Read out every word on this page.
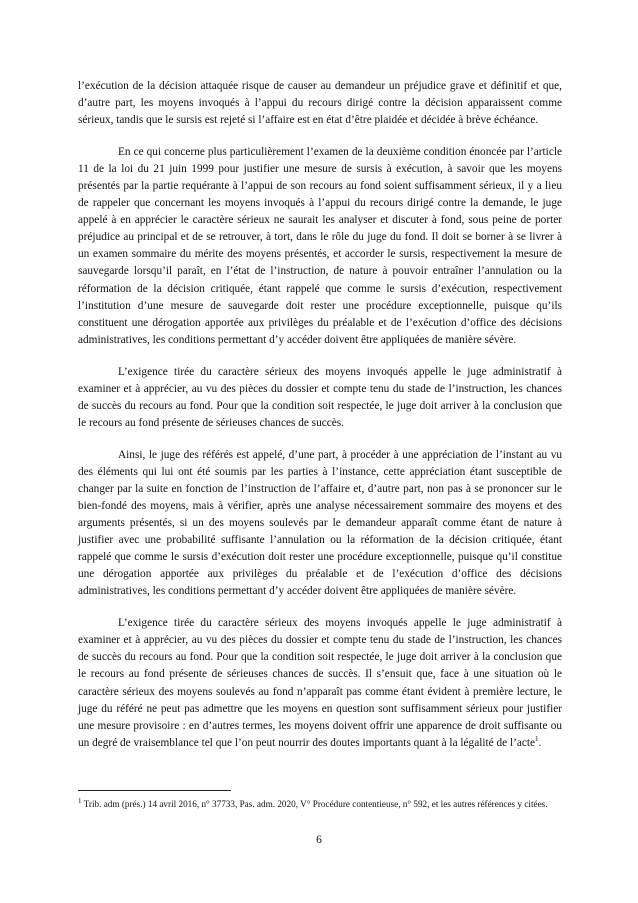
l’exécution de la décision attaquée risque de causer au demandeur un préjudice grave et définitif et que, d’autre part, les moyens invoqués à l’appui du recours dirigé contre la décision apparaissent comme sérieux, tandis que le sursis est rejeté si l’affaire est en état d’être plaidée et décidée à brève échéance.

En ce qui concerne plus particulièrement l’examen de la deuxième condition énoncée par l’article 11 de la loi du 21 juin 1999 pour justifier une mesure de sursis à exécution, à savoir que les moyens présentés par la partie requérante à l’appui de son recours au fond soient suffisamment sérieux, il y a lieu de rappeler que concernant les moyens invoqués à l’appui du recours dirigé contre la demande, le juge appelé à en apprécier le caractère sérieux ne saurait les analyser et discuter à fond, sous peine de porter préjudice au principal et de se retrouver, à tort, dans le rôle du juge du fond. Il doit se borner à se livrer à un examen sommaire du mérite des moyens présentés, et accorder le sursis, respectivement la mesure de sauvegarde lorsqu’il paraît, en l’état de l’instruction, de nature à pouvoir entraîner l’annulation ou la réformation de la décision critiquée, étant rappelé que comme le sursis d’exécution, respectivement l’institution d’une mesure de sauvegarde doit rester une procédure exceptionnelle, puisque qu’ils constituent une dérogation apportée aux privilèges du préalable et de l’exécution d’office des décisions administratives, les conditions permettant d’y accéder doivent être appliquées de manière sévère.

L’exigence tirée du caractère sérieux des moyens invoqués appelle le juge administratif à examiner et à apprécier, au vu des pièces du dossier et compte tenu du stade de l’instruction, les chances de succès du recours au fond. Pour que la condition soit respectée, le juge doit arriver à la conclusion que le recours au fond présente de sérieuses chances de succès.

Ainsi, le juge des référés est appelé, d’une part, à procéder à une appréciation de l’instant au vu des éléments qui lui ont été soumis par les parties à l’instance, cette appréciation étant susceptible de changer par la suite en fonction de l’instruction de l’affaire et, d’autre part, non pas à se prononcer sur le bien-fondé des moyens, mais à vérifier, après une analyse nécessairement sommaire des moyens et des arguments présentés, si un des moyens soulevés par le demandeur apparaît comme étant de nature à justifier avec une probabilité suffisante l’annulation ou la réformation de la décision critiquée, étant rappelé que comme le sursis d’exécution doit rester une procédure exceptionnelle, puisque qu’il constitue une dérogation apportée aux privilèges du préalable et de l’exécution d’office des décisions administratives, les conditions permettant d’y accéder doivent être appliquées de manière sévère.

L’exigence tirée du caractère sérieux des moyens invoqués appelle le juge administratif à examiner et à apprécier, au vu des pièces du dossier et compte tenu du stade de l’instruction, les chances de succès du recours au fond. Pour que la condition soit respectée, le juge doit arriver à la conclusion que le recours au fond présente de sérieuses chances de succès. Il s’ensuit que, face à une situation où le caractère sérieux des moyens soulevés au fond n’apparaît pas comme étant évident à première lecture, le juge du référé ne peut pas admettre que les moyens en question sont suffisamment sérieux pour justifier une mesure provisoire : en d’autres termes, les moyens doivent offrir une apparence de droit suffisante ou un degré de vraisemblance tel que l’on peut nourrir des doutes importants quant à la légalité de l’acte$^1$.

$^1$ Trib. adm (prés.) 14 avril 2016, n° 37733, Pas. adm. 2020, V° Procédure contentieuse, n° 592, et les autres références y citées.

6
